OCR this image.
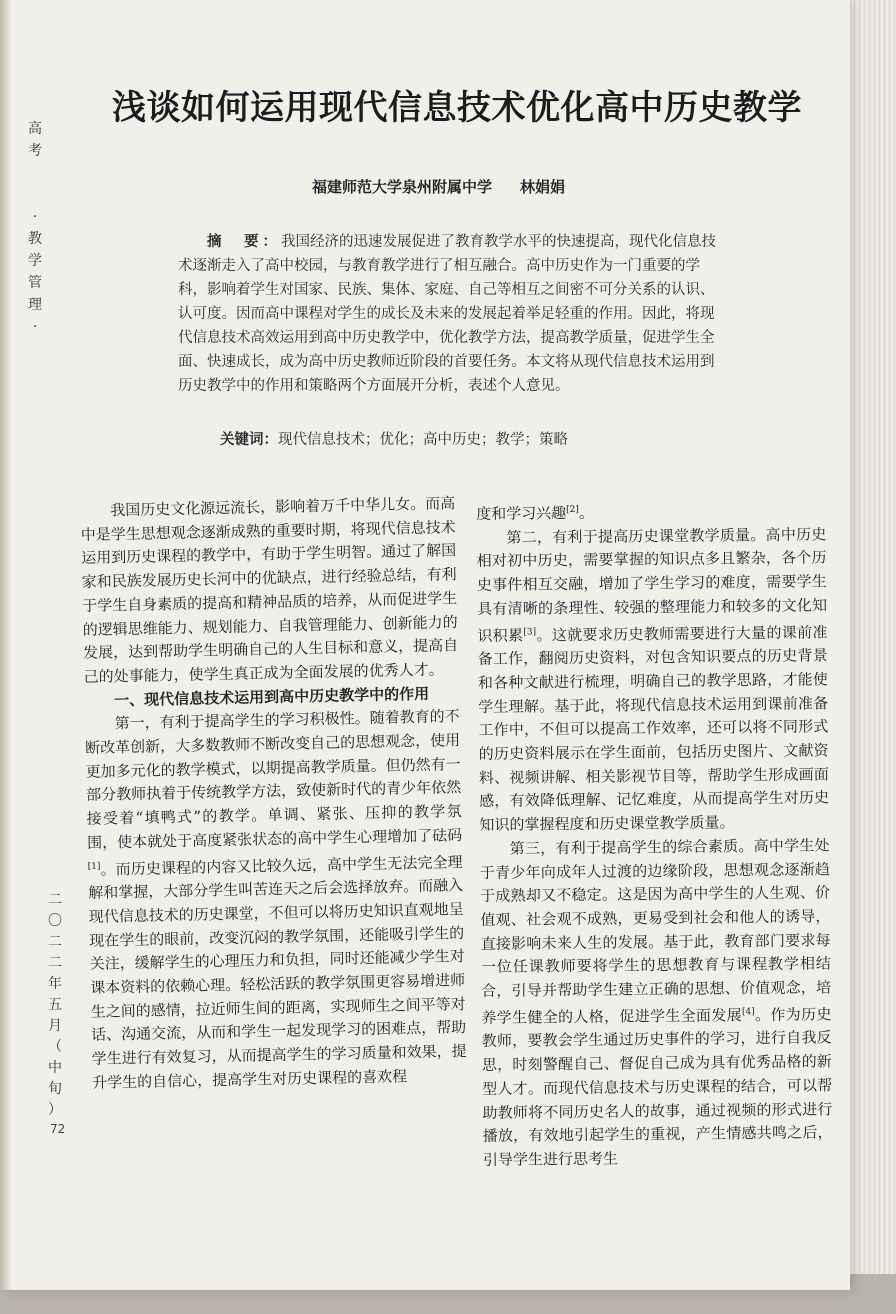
高
考
·
教
学
管
理
·
二
〇
二
二
年
五
月
（
中
旬
）
72
浅谈如何运用现代信息技术优化高中历史教学
福建师范大学泉州附属中学 林娟娟
摘　要：我国经济的迅速发展促进了教育教学水平的快速提高，现代化信息技术逐渐走入了高中校园，与教育教学进行了相互融合。高中历史作为一门重要的学科，影响着学生对国家、民族、集体、家庭、自己等相互之间密不可分关系的认识、认可度。因而高中课程对学生的成长及未来的发展起着举足轻重的作用。因此，将现代信息技术高效运用到高中历史教学中，优化教学方法，提高教学质量，促进学生全面、快速成长，成为高中历史教师近阶段的首要任务。本文将从现代信息技术运用到历史教学中的作用和策略两个方面展开分析，表述个人意见。
关键词：现代信息技术；优化；高中历史；教学；策略

我国历史文化源远流长，影响着万千中华儿女。而高中是学生思想观念逐渐成熟的重要时期，将现代信息技术运用到历史课程的教学中，有助于学生明智。通过了解国家和民族发展历史长河中的优缺点，进行经验总结，有利于学生自身素质的提高和精神品质的培养，从而促进学生的逻辑思维能力、规划能力、自我管理能力、创新能力的发展，达到帮助学生明确自己的人生目标和意义，提高自己的处事能力，使学生真正成为全面发展的优秀人才。

一、现代信息技术运用到高中历史教学中的作用

第一，有利于提高学生的学习积极性。随着教育的不断改革创新，大多数教师不断改变自己的思想观念，使用更加多元化的教学模式，以期提高教学质量。但仍然有一部分教师执着于传统教学方法，致使新时代的青少年依然接受着“填鸭式”的教学。单调、紧张、压抑的教学氛围，使本就处于高度紧张状态的高中学生心理增加了砝码[1]。而历史课程的内容又比较久远，高中学生无法完全理解和掌握，大部分学生叫苦连天之后会选择放弃。而融入现代信息技术的历史课堂，不但可以将历史知识直观地呈现在学生的眼前，改变沉闷的教学氛围，还能吸引学生的关注，缓解学生的心理压力和负担，同时还能减少学生对课本资料的依赖心理。轻松活跃的教学氛围更容易增进师生之间的感情，拉近师生间的距离，实现师生之间平等对话、沟通交流，从而和学生一起发现学习的困难点，帮助学生进行有效复习，从而提高学生的学习质量和效果，提升学生的自信心，提高学生对历史课程的喜欢程

度和学习兴趣[2]。

第二，有利于提高历史课堂教学质量。高中历史相对初中历史，需要掌握的知识点多且繁杂，各个历史事件相互交融，增加了学生学习的难度，需要学生具有清晰的条理性、较强的整理能力和较多的文化知识积累[3]。这就要求历史教师需要进行大量的课前准备工作，翻阅历史资料，对包含知识要点的历史背景和各种文献进行梳理，明确自己的教学思路，才能使学生理解。基于此，将现代信息技术运用到课前准备工作中，不但可以提高工作效率，还可以将不同形式的历史资料展示在学生面前，包括历史图片、文献资料、视频讲解、相关影视节目等，帮助学生形成画面感，有效降低理解、记忆难度，从而提高学生对历史知识的掌握程度和历史课堂教学质量。

第三，有利于提高学生的综合素质。高中学生处于青少年向成年人过渡的边缘阶段，思想观念逐渐趋于成熟却又不稳定。这是因为高中学生的人生观、价值观、社会观不成熟，更易受到社会和他人的诱导，直接影响未来人生的发展。基于此，教育部门要求每一位任课教师要将学生的思想教育与课程教学相结合，引导并帮助学生建立正确的思想、价值观念，培养学生健全的人格，促进学生全面发展[4]。作为历史教师，要教会学生通过历史事件的学习，进行自我反思，时刻警醒自己、督促自己成为具有优秀品格的新型人才。而现代信息技术与历史课程的结合，可以帮助教师将不同历史名人的故事，通过视频的形式进行播放，有效地引起学生的重视，产生情感共鸣之后，引导学生进行思考生
